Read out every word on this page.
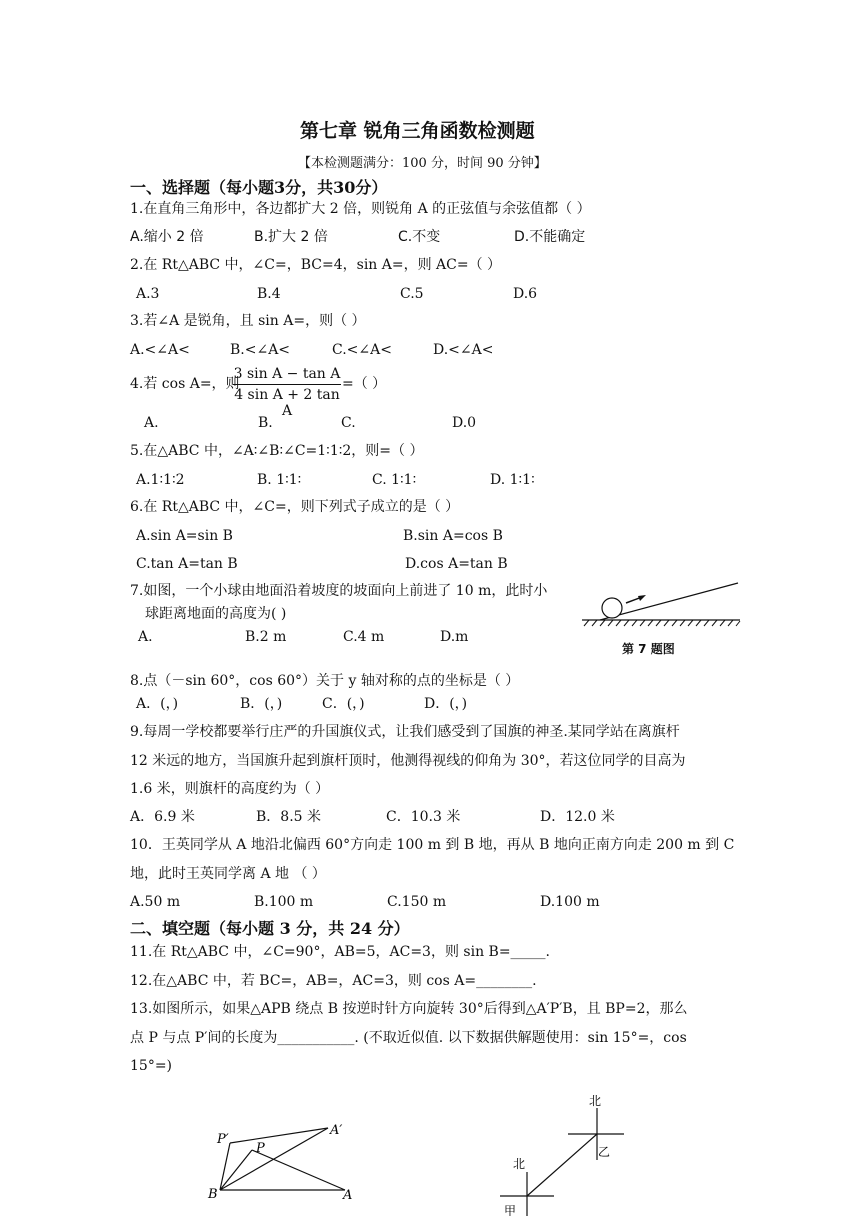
第七章 锐角三角函数检测题
【本检测题满分：100 分，时间 90 分钟】
一、选择题（每小题3分，共30分）
1.在直角三角形中，各边都扩大 2 倍，则锐角 A 的正弦值与余弦值都（ ）
A.缩小 2 倍	B.扩大 2 倍	C.不变	D.不能确定
2.在 Rt△ABC 中，∠C=，BC=4，sin A=，则 AC=（ ）
A.3	B.4	C.5	D.6
3.若∠A 是锐角，且 sin A=，则（ ）
A.<∠A<	B.<∠A<	C.<∠A<	D.<∠A<
4.若 cos A=，则
3 sin A − tan A
4 sin A + 2 tan A
=（ ）
A.	B.	C.	D.0
5.在△ABC 中，∠A∶∠B∶∠C=1∶1∶2，则=（ ）
A.1∶1∶2	B. 1∶1∶	C. 1∶1∶	D. 1∶1∶
6.在 Rt△ABC 中，∠C=，则下列式子成立的是（ ）
A.sin A=sin B	B.sin A=cos B
C.tan A=tan B	D.cos A=tan B
7.如图，一个小球由地面沿着坡度的坡面向上前进了 10 m，此时小
球距离地面的高度为( )
A.	B.2 m	C.4 m	D.m
第 7 题图
8.点（－sin 60°，cos 60°）关于 y 轴对称的点的坐标是（ ）
A．(，)	B．(，)	C．(，)	D．(，)
9.每周一学校都要举行庄严的升国旗仪式，让我们感受到了国旗的神圣.某同学站在离旗杆
12 米远的地方，当国旗升起到旗杆顶时，他测得视线的仰角为 30°，若这位同学的目高为
1.6 米，则旗杆的高度约为（ ）
A．6.9 米	B．8.5 米	C．10.3 米	D．12.0 米
10．王英同学从 A 地沿北偏西 60°方向走 100 m 到 B 地，再从 B 地向正南方向走 200 m 到 C
地，此时王英同学离 A 地 （ ）
A.50 m	B.100 m	C.150 m	D.100 m
二、填空题（每小题 3 分，共 24 分）
11.在 Rt△ABC 中，∠C=90°，AB=5，AC=3，则 sin B=_____.
12.在△ABC 中，若 BC=，AB=，AC=3，则 cos A=________.
13.如图所示，如果△APB 绕点 B 按逆时针方向旋转 30°后得到△A′P′B，且 BP=2，那么
点 P 与点 P′间的长度为___________. (不取近似值. 以下数据供解题使用：sin 15°=，cos
15°=)
P′
P
A′
B	A
北
乙
北
甲
